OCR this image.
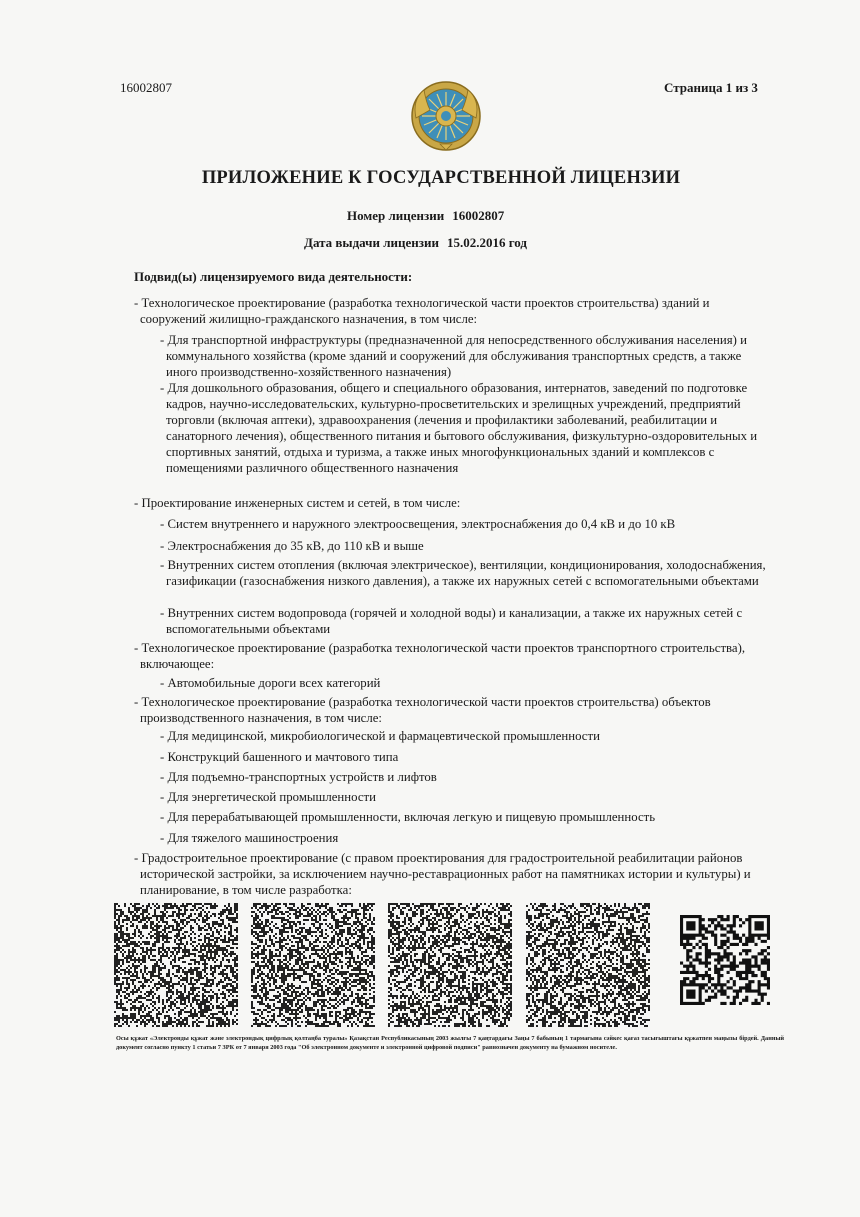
16002807	Страница 1 из 3
ПРИЛОЖЕНИЕ К ГОСУДАРСТВЕННОЙ ЛИЦЕНЗИИ
Номер лицензии 16002807
Дата выдачи лицензии 15.02.2016 год
Подвид(ы) лицензируемого вида деятельности:
- Технологическое проектирование (разработка технологической части проектов строительства) зданий и сооружений жилищно-гражданского назначения, в том числе:
- Для транспортной инфраструктуры (предназначенной для непосредственного обслуживания населения) и коммунального хозяйства (кроме зданий и сооружений для обслуживания транспортных средств, а также иного производственно-хозяйственного назначения)
- Для дошкольного образования, общего и специального образования, интернатов, заведений по подготовке кадров, научно-исследовательских, культурно-просветительских и зрелищных учреждений, предприятий торговли (включая аптеки), здравоохранения (лечения и профилактики заболеваний, реабилитации и санаторного лечения), общественного питания и бытового обслуживания, физкультурно-оздоровительных и спортивных занятий, отдыха и туризма, а также иных многофункциональных зданий и комплексов с помещениями различного общественного назначения
- Проектирование инженерных систем и сетей, в том числе:
- Систем внутреннего и наружного электроосвещения, электроснабжения до 0,4 кВ и до 10 кВ
- Электроснабжения до 35 кВ, до 110 кВ и выше
- Внутренних систем отопления (включая электрическое), вентиляции, кондиционирования, холодоснабжения, газификации (газоснабжения низкого давления), а также их наружных сетей с вспомогательными объектами
- Внутренних систем водопровода (горячей и холодной воды) и канализации, а также их наружных сетей с вспомогательными объектами
- Технологическое проектирование (разработка технологической части проектов транспортного строительства), включающее:
- Автомобильные дороги всех категорий
- Технологическое проектирование (разработка технологической части проектов строительства) объектов производственного назначения, в том числе:
- Для медицинской, микробиологической и фармацевтической промышленности
- Конструкций башенного и мачтового типа
- Для подъемно-транспортных устройств и лифтов
- Для энергетической промышленности
- Для перерабатывающей промышленности, включая легкую и пищевую промышленность
- Для тяжелого машиностроения
- Градостроительное проектирование (с правом проектирования для градостроительной реабилитации районов исторической застройки, за исключением научно-реставрационных работ на памятниках истории и культуры) и планирование, в том числе разработка:
Осы құжат «Электронды құжат және электрондық цифрлық қолтаңба туралы» Қазақстан Республикасының 2003 жылғы 7 қаңтардағы Заңы 7 бабының 1 тармағына сәйкес қағаз тасығыштағы құжатпен маңызы бірдей. Данный документ согласно пункту 1 статьи 7 ЗРК от 7 января 2003 года "Об электронном документе и электронной цифровой подписи" равнозначен документу на бумажном носителе.
